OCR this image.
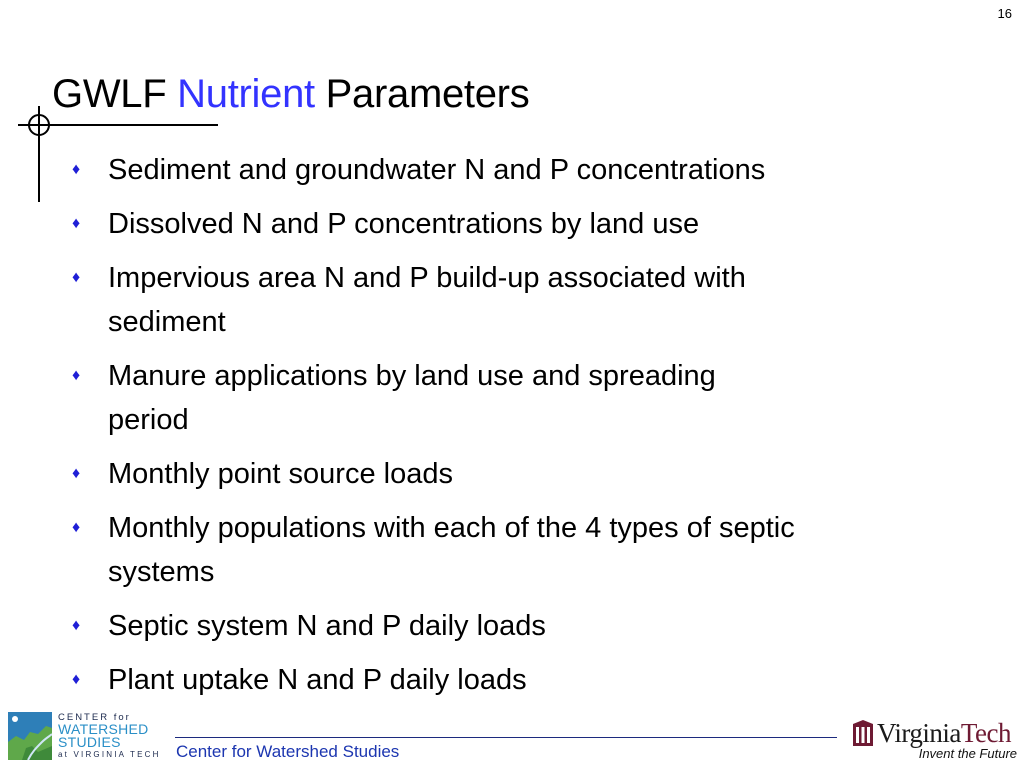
16
GWLF Nutrient Parameters
♦ Sediment and groundwater N and P concentrations
♦ Dissolved N and P concentrations by land use
♦ Impervious area N and P build-up associated with
sediment
♦ Manure applications by land use and spreading
period
♦ Monthly point source loads
♦ Monthly populations with each of the 4 types of septic
systems
♦ Septic system N and P daily loads
♦ Plant uptake N and P daily loads
CENTER for
WATERSHED
STUDIES
at VIRGINIA TECH Center for Watershed Studies
VirginiaTech
Invent the Future
